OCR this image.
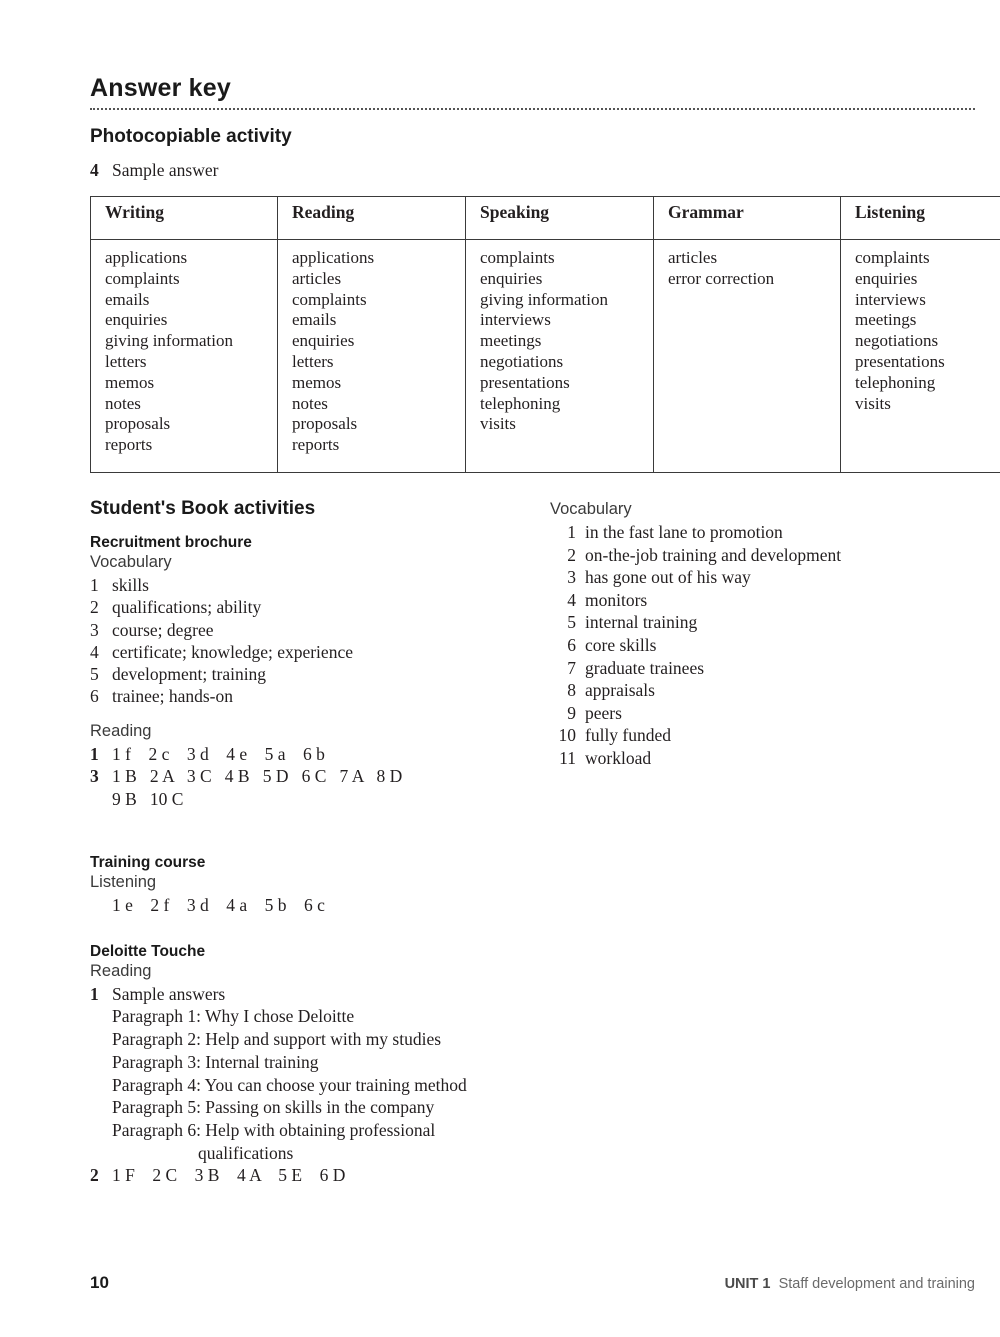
Answer key
Photocopiable activity
4 Sample answer
Writing	Reading	Speaking	Grammar	Listening

applications
complaints
emails
enquiries
giving information
letters
memos
notes
proposals
reports

applications
articles
complaints
emails
enquiries
letters
memos
notes
proposals
reports

complaints
enquiries
giving information
interviews
meetings
negotiations
presentations
telephoning
visits

articles
error correction

complaints
enquiries
interviews
meetings
negotiations
presentations
telephoning
visits
Student's Book activities
Recruitment brochure
Vocabulary
1 skills
2 qualifications; ability
3 course; degree
4 certificate; knowledge; experience
5 development; training
6 trainee; hands-on
Reading
1 1 f    2 c    3 d    4 e    5 a    6 b
3 1 B   2 A   3 C   4 B   5 D   6 C   7 A   8 D
9 B   10 C
Training course
Listening
1 e    2 f    3 d    4 a    5 b    6 c
Deloitte Touche
Reading
1 Sample answers
Paragraph 1: Why I chose Deloitte
Paragraph 2: Help and support with my studies
Paragraph 3: Internal training
Paragraph 4: You can choose your training method
Paragraph 5: Passing on skills in the company
Paragraph 6: Help with obtaining professional
qualifications
2 1 F    2 C    3 B    4 A    5 E    6 D
Vocabulary
1 in the fast lane to promotion
2 on-the-job training and development
3 has gone out of his way
4 monitors
5 internal training
6 core skills
7 graduate trainees
8 appraisals
9 peers
10 fully funded
11 workload
10	UNIT 1 Staff development and training
